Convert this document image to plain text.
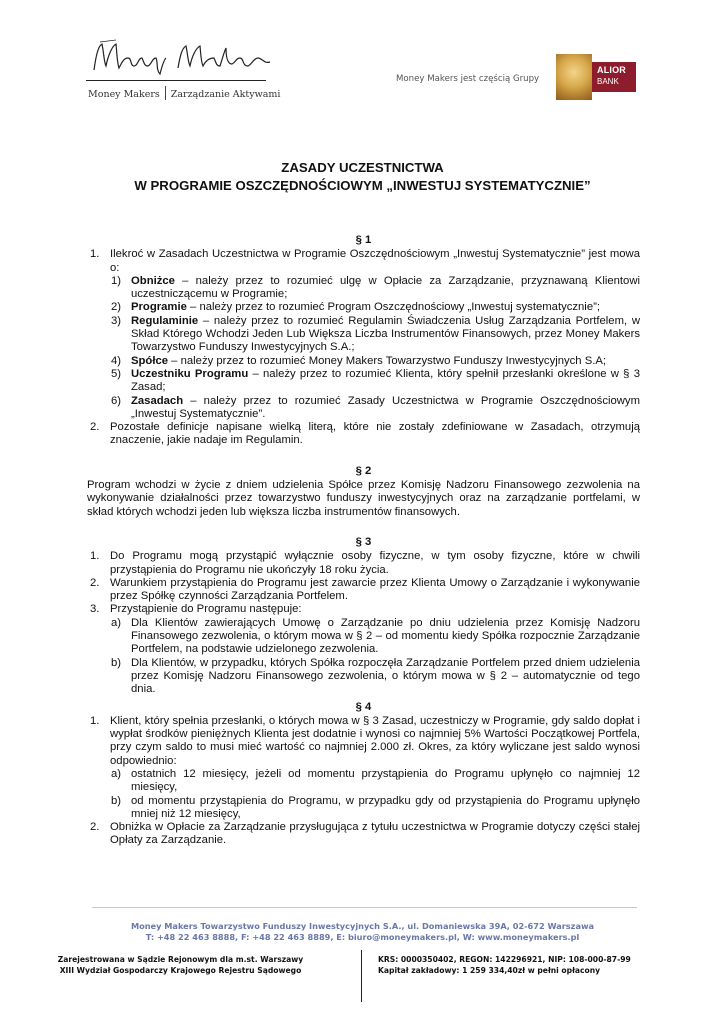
Money Makers Zarządzanie Aktywami
Money Makers jest częścią Grupy
ALIOR
BANK
ZASADY UCZESTNICTWA
W PROGRAMIE OSZCZĘDNOŚCIOWYM „INWESTUJ SYSTEMATYCZNIE”
§ 1
1. Ilekroć w Zasadach Uczestnictwa w Programie Oszczędnościowym „Inwestuj Systematycznie” jest mowa o:
1) Obniżce – należy przez to rozumieć ulgę w Opłacie za Zarządzanie, przyznawaną Klientowi uczestniczącemu w Programie;
2) Programie – należy przez to rozumieć Program Oszczędnościowy „Inwestuj systematycznie”;
3) Regulaminie – należy przez to rozumieć Regulamin Świadczenia Usług Zarządzania Portfelem, w Skład Którego Wchodzi Jeden Lub Większa Liczba Instrumentów Finansowych, przez Money Makers Towarzystwo Funduszy Inwestycyjnych S.A.;
4) Spółce – należy przez to rozumieć Money Makers Towarzystwo Funduszy Inwestycyjnych S.A;
5) Uczestniku Programu – należy przez to rozumieć Klienta, który spełnił przesłanki określone w § 3 Zasad;
6) Zasadach – należy przez to rozumieć Zasady Uczestnictwa w Programie Oszczędnościowym „Inwestuj Systematycznie”.
2. Pozostałe definicje napisane wielką literą, które nie zostały zdefiniowane w Zasadach, otrzymują znaczenie, jakie nadaje im Regulamin.
§ 2
Program wchodzi w życie z dniem udzielenia Spółce przez Komisję Nadzoru Finansowego zezwolenia na wykonywanie działalności przez towarzystwo funduszy inwestycyjnych oraz na zarządzanie portfelami, w skład których wchodzi jeden lub większa liczba instrumentów finansowych.
§ 3
1. Do Programu mogą przystąpić wyłącznie osoby fizyczne, w tym osoby fizyczne, które w chwili przystąpienia do Programu nie ukończyły 18 roku życia.
2. Warunkiem przystąpienia do Programu jest zawarcie przez Klienta Umowy o Zarządzanie i wykonywanie przez Spółkę czynności Zarządzania Portfelem.
3. Przystąpienie do Programu następuje:
a) Dla Klientów zawierających Umowę o Zarządzanie po dniu udzielenia przez Komisję Nadzoru Finansowego zezwolenia, o którym mowa w § 2 – od momentu kiedy Spółka rozpocznie Zarządzanie Portfelem, na podstawie udzielonego zezwolenia.
b) Dla Klientów, w przypadku, których Spółka rozpoczęła Zarządzanie Portfelem przed dniem udzielenia przez Komisję Nadzoru Finansowego zezwolenia, o którym mowa w § 2 – automatycznie od tego dnia.
§ 4
1. Klient, który spełnia przesłanki, o których mowa w § 3 Zasad, uczestniczy w Programie, gdy saldo dopłat i wypłat środków pieniężnych Klienta jest dodatnie i wynosi co najmniej 5% Wartości Początkowej Portfela, przy czym saldo to musi mieć wartość co najmniej 2.000 zł. Okres, za który wyliczane jest saldo wynosi odpowiednio:
a) ostatnich 12 miesięcy, jeżeli od momentu przystąpienia do Programu upłynęło co najmniej 12 miesięcy,
b) od momentu przystąpienia do Programu, w przypadku gdy od przystąpienia do Programu upłynęło mniej niż 12 miesięcy,
2. Obniżka w Opłacie za Zarządzanie przysługująca z tytułu uczestnictwa w Programie dotyczy części stałej Opłaty za Zarządzanie.
Money Makers Towarzystwo Funduszy Inwestycyjnych S.A., ul. Domaniewska 39A, 02-672 Warszawa
T: +48 22 463 8888, F: +48 22 463 8889, E: biuro@moneymakers.pl, W: www.moneymakers.pl
Zarejestrowana w Sądzie Rejonowym dla m.st. Warszawy
XIII Wydział Gospodarczy Krajowego Rejestru Sądowego
KRS: 0000350402, REGON: 142296921, NIP: 108-000-87-99
Kapitał zakładowy: 1 259 334,40zł w pełni opłacony
